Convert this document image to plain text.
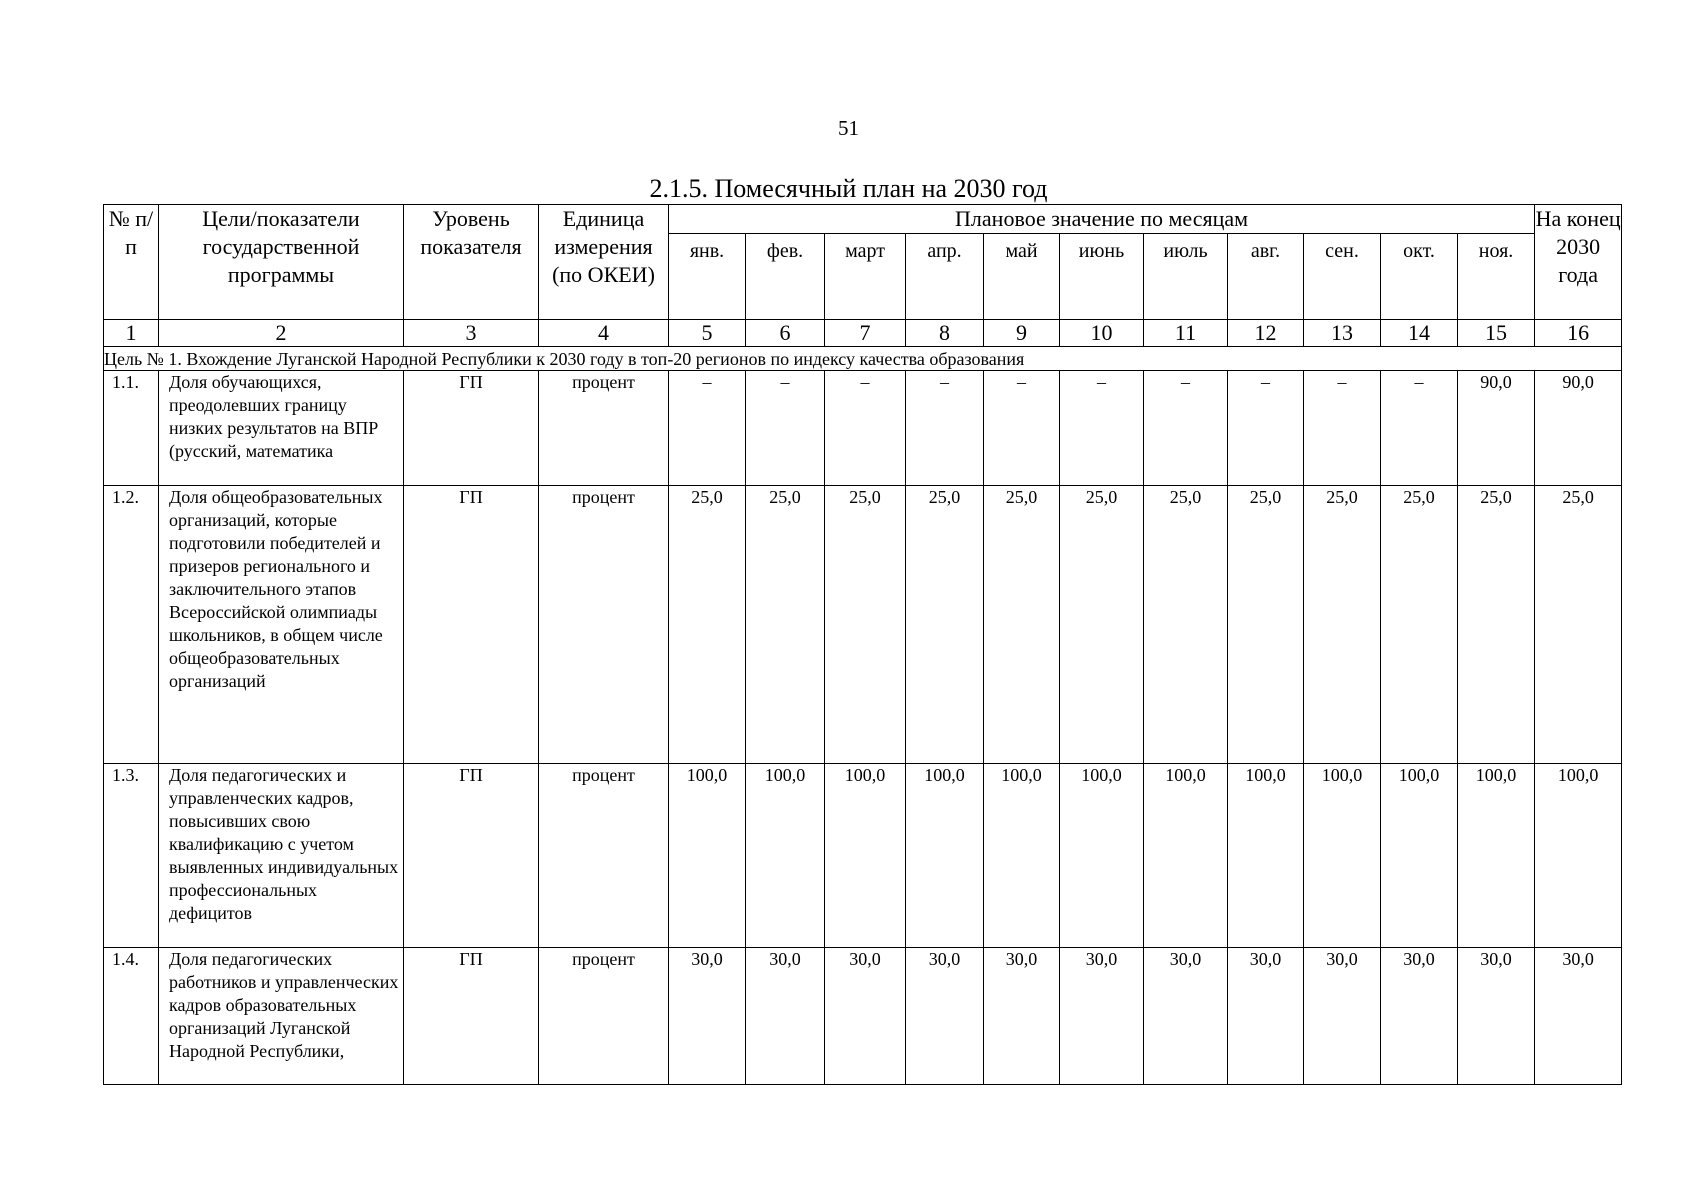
51
2.1.5. Помесячный план на 2030 год
№ п/п	Цели/показатели государственной программы	Уровень показателя	Единица измерения (по ОКЕИ)	Плановое значение по месяцам											На конец 2030 года
				янв.	фев.	март	апр.	май	июнь	июль	авг.	сен.	окт.	ноя.	
1	2	3	4	5	6	7	8	9	10	11	12	13	14	15	16
Цель № 1. Вхождение Луганской Народной Республики к 2030 году в топ-20 регионов по индексу качества образования															
1.1.	Доля обучающихся, преодолевших границу низких результатов на ВПР (русский, математика	ГП	процент	–	–	–	–	–	–	–	–	–	–	90,0	90,0
1.2.	Доля общеобразовательных организаций, которые подготовили победителей и призеров регионального и заключительного этапов Всероссийской олимпиады школьников, в общем числе общеобразовательных организаций	ГП	процент	25,0	25,0	25,0	25,0	25,0	25,0	25,0	25,0	25,0	25,0	25,0	25,0
1.3.	Доля педагогических и управленческих кадров, повысивших свою квалификацию с учетом выявленных индивидуальных профессиональных дефицитов	ГП	процент	100,0	100,0	100,0	100,0	100,0	100,0	100,0	100,0	100,0	100,0	100,0	100,0
1.4.	Доля педагогических работников и управленческих кадров образовательных организаций Луганской Народной Республики,	ГП	процент	30,0	30,0	30,0	30,0	30,0	30,0	30,0	30,0	30,0	30,0	30,0	30,0
